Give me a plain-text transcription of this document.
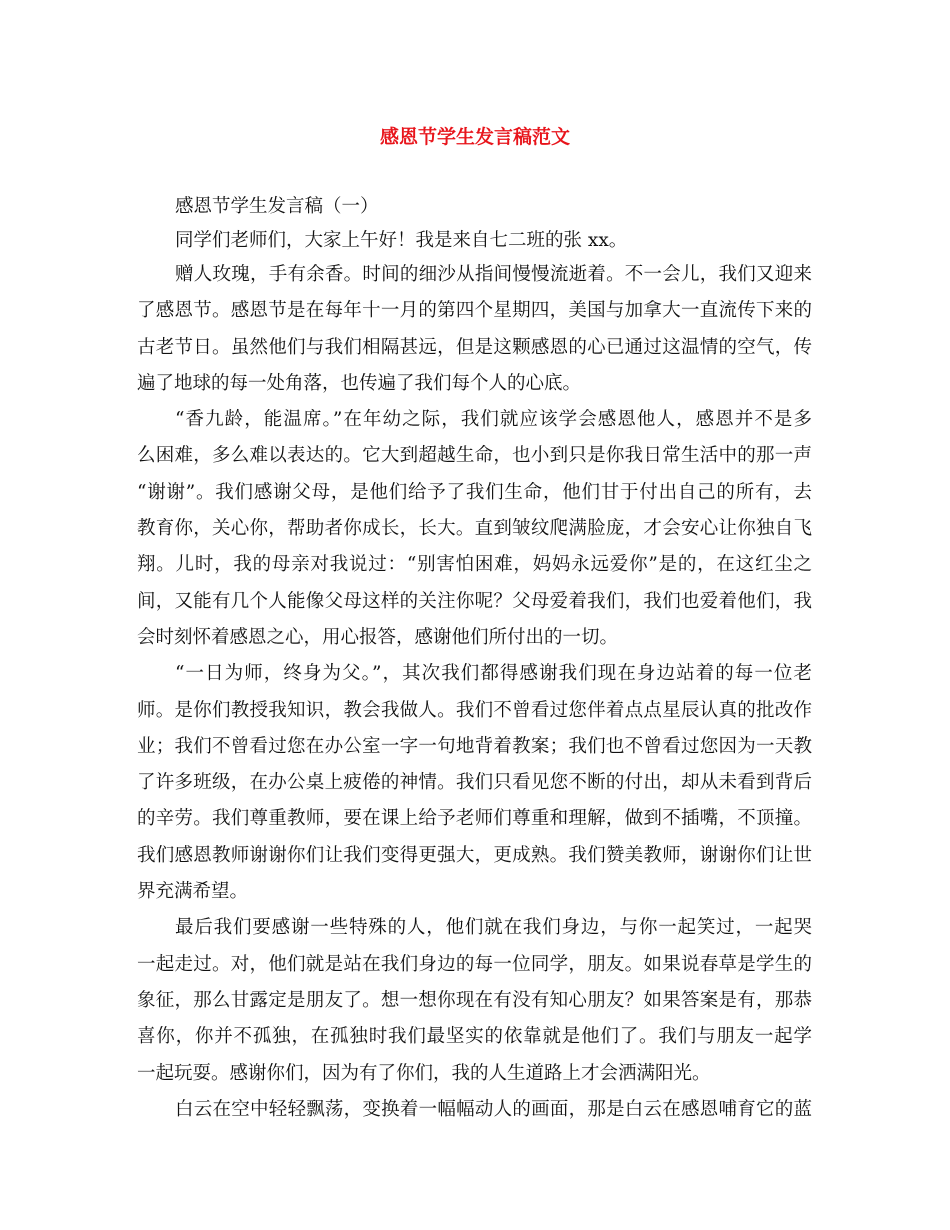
感恩节学生发言稿范文
感恩节学生发言稿（一）
同学们老师们，大家上午好！我是来自七二班的张 xx。
赠人玫瑰，手有余香。时间的细沙从指间慢慢流逝着。不一会儿，我们又迎来
了感恩节。感恩节是在每年十一月的第四个星期四，美国与加拿大一直流传下来的
古老节日。虽然他们与我们相隔甚远，但是这颗感恩的心已通过这温情的空气，传
遍了地球的每一处角落，也传遍了我们每个人的心底。
“香九龄，能温席。”在年幼之际，我们就应该学会感恩他人，感恩并不是多
么困难，多么难以表达的。它大到超越生命，也小到只是你我日常生活中的那一声
“谢谢”。我们感谢父母，是他们给予了我们生命，他们甘于付出自己的所有，去
教育你，关心你，帮助者你成长，长大。直到皱纹爬满脸庞，才会安心让你独自飞
翔。儿时，我的母亲对我说过：“别害怕困难，妈妈永远爱你”是的，在这红尘之
间，又能有几个人能像父母这样的关注你呢？父母爱着我们，我们也爱着他们，我
会时刻怀着感恩之心，用心报答，感谢他们所付出的一切。
“一日为师，终身为父。”，其次我们都得感谢我们现在身边站着的每一位老
师。是你们教授我知识，教会我做人。我们不曾看过您伴着点点星辰认真的批改作
业；我们不曾看过您在办公室一字一句地背着教案；我们也不曾看过您因为一天教
了许多班级，在办公桌上疲倦的神情。我们只看见您不断的付出，却从未看到背后
的辛劳。我们尊重教师，要在课上给予老师们尊重和理解，做到不插嘴，不顶撞。
我们感恩教师谢谢你们让我们变得更强大，更成熟。我们赞美教师，谢谢你们让世
界充满希望。
最后我们要感谢一些特殊的人，他们就在我们身边，与你一起笑过，一起哭
一起走过。对，他们就是站在我们身边的每一位同学，朋友。如果说春草是学生的
象征，那么甘露定是朋友了。想一想你现在有没有知心朋友？如果答案是有，那恭
喜你，你并不孤独，在孤独时我们最坚实的依靠就是他们了。我们与朋友一起学
一起玩耍。感谢你们，因为有了你们，我的人生道路上才会洒满阳光。
白云在空中轻轻飘荡，变换着一幅幅动人的画面，那是白云在感恩哺育它的蓝
